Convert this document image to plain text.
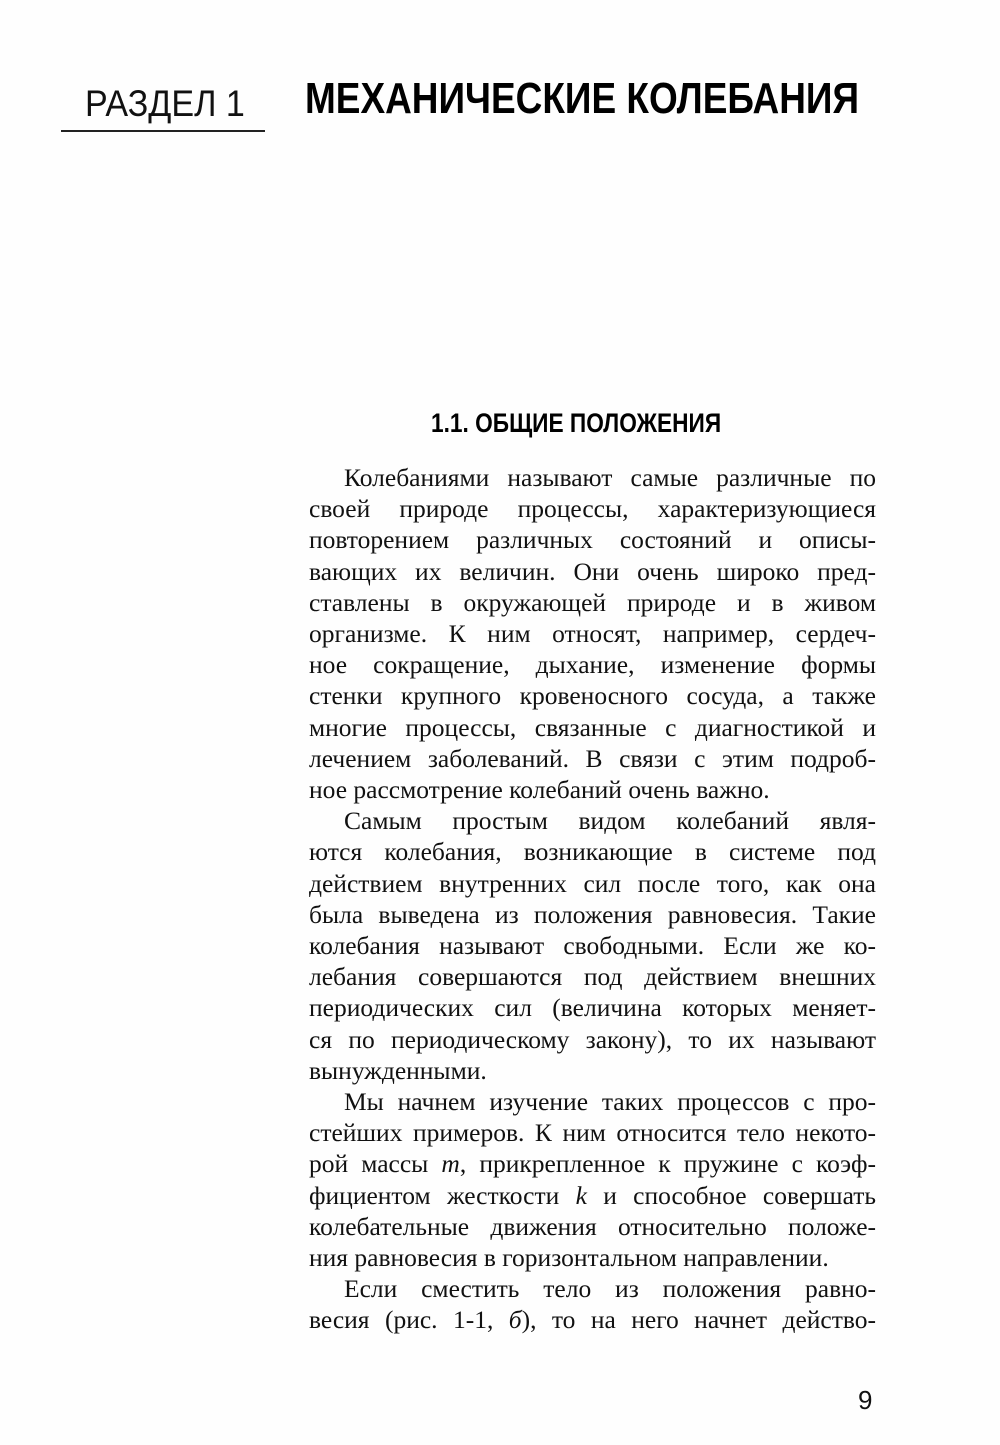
РАЗДЕЛ 1 МЕХАНИЧЕСКИЕ КОЛЕБАНИЯ
1.1. ОБЩИЕ ПОЛОЖЕНИЯ

Колебаниями называют самые различные по
своей природе процессы, характеризующиеся
повторением различных состояний и описы-
вающих их величин. Они очень широко пред-
ставлены в окружающей природе и в живом
организме. К ним относят, например, сердеч-
ное сокращение, дыхание, изменение формы
стенки крупного кровеносного сосуда, а также
многие процессы, связанные с диагностикой и
лечением заболеваний. В связи с этим подроб-
ное рассмотрение колебаний очень важно.

Самым простым видом колебаний явля-
ются колебания, возникающие в системе под
действием внутренних сил после того, как она
была выведена из положения равновесия. Такие
колебания называют свободными. Если же ко-
лебания совершаются под действием внешних
периодических сил (величина которых меняет-
ся по периодическому закону), то их называют
вынужденными.

Мы начнем изучение таких процессов с про-
стейших примеров. К ним относится тело некото-
рой массы m, прикрепленное к пружине с коэф-
фициентом жесткости k и способное совершать
колебательные движения относительно положе-
ния равновесия в горизонтальном направлении.

Если сместить тело из положения равно-
весия (рис. 1-1, б), то на него начнет действо-

9
